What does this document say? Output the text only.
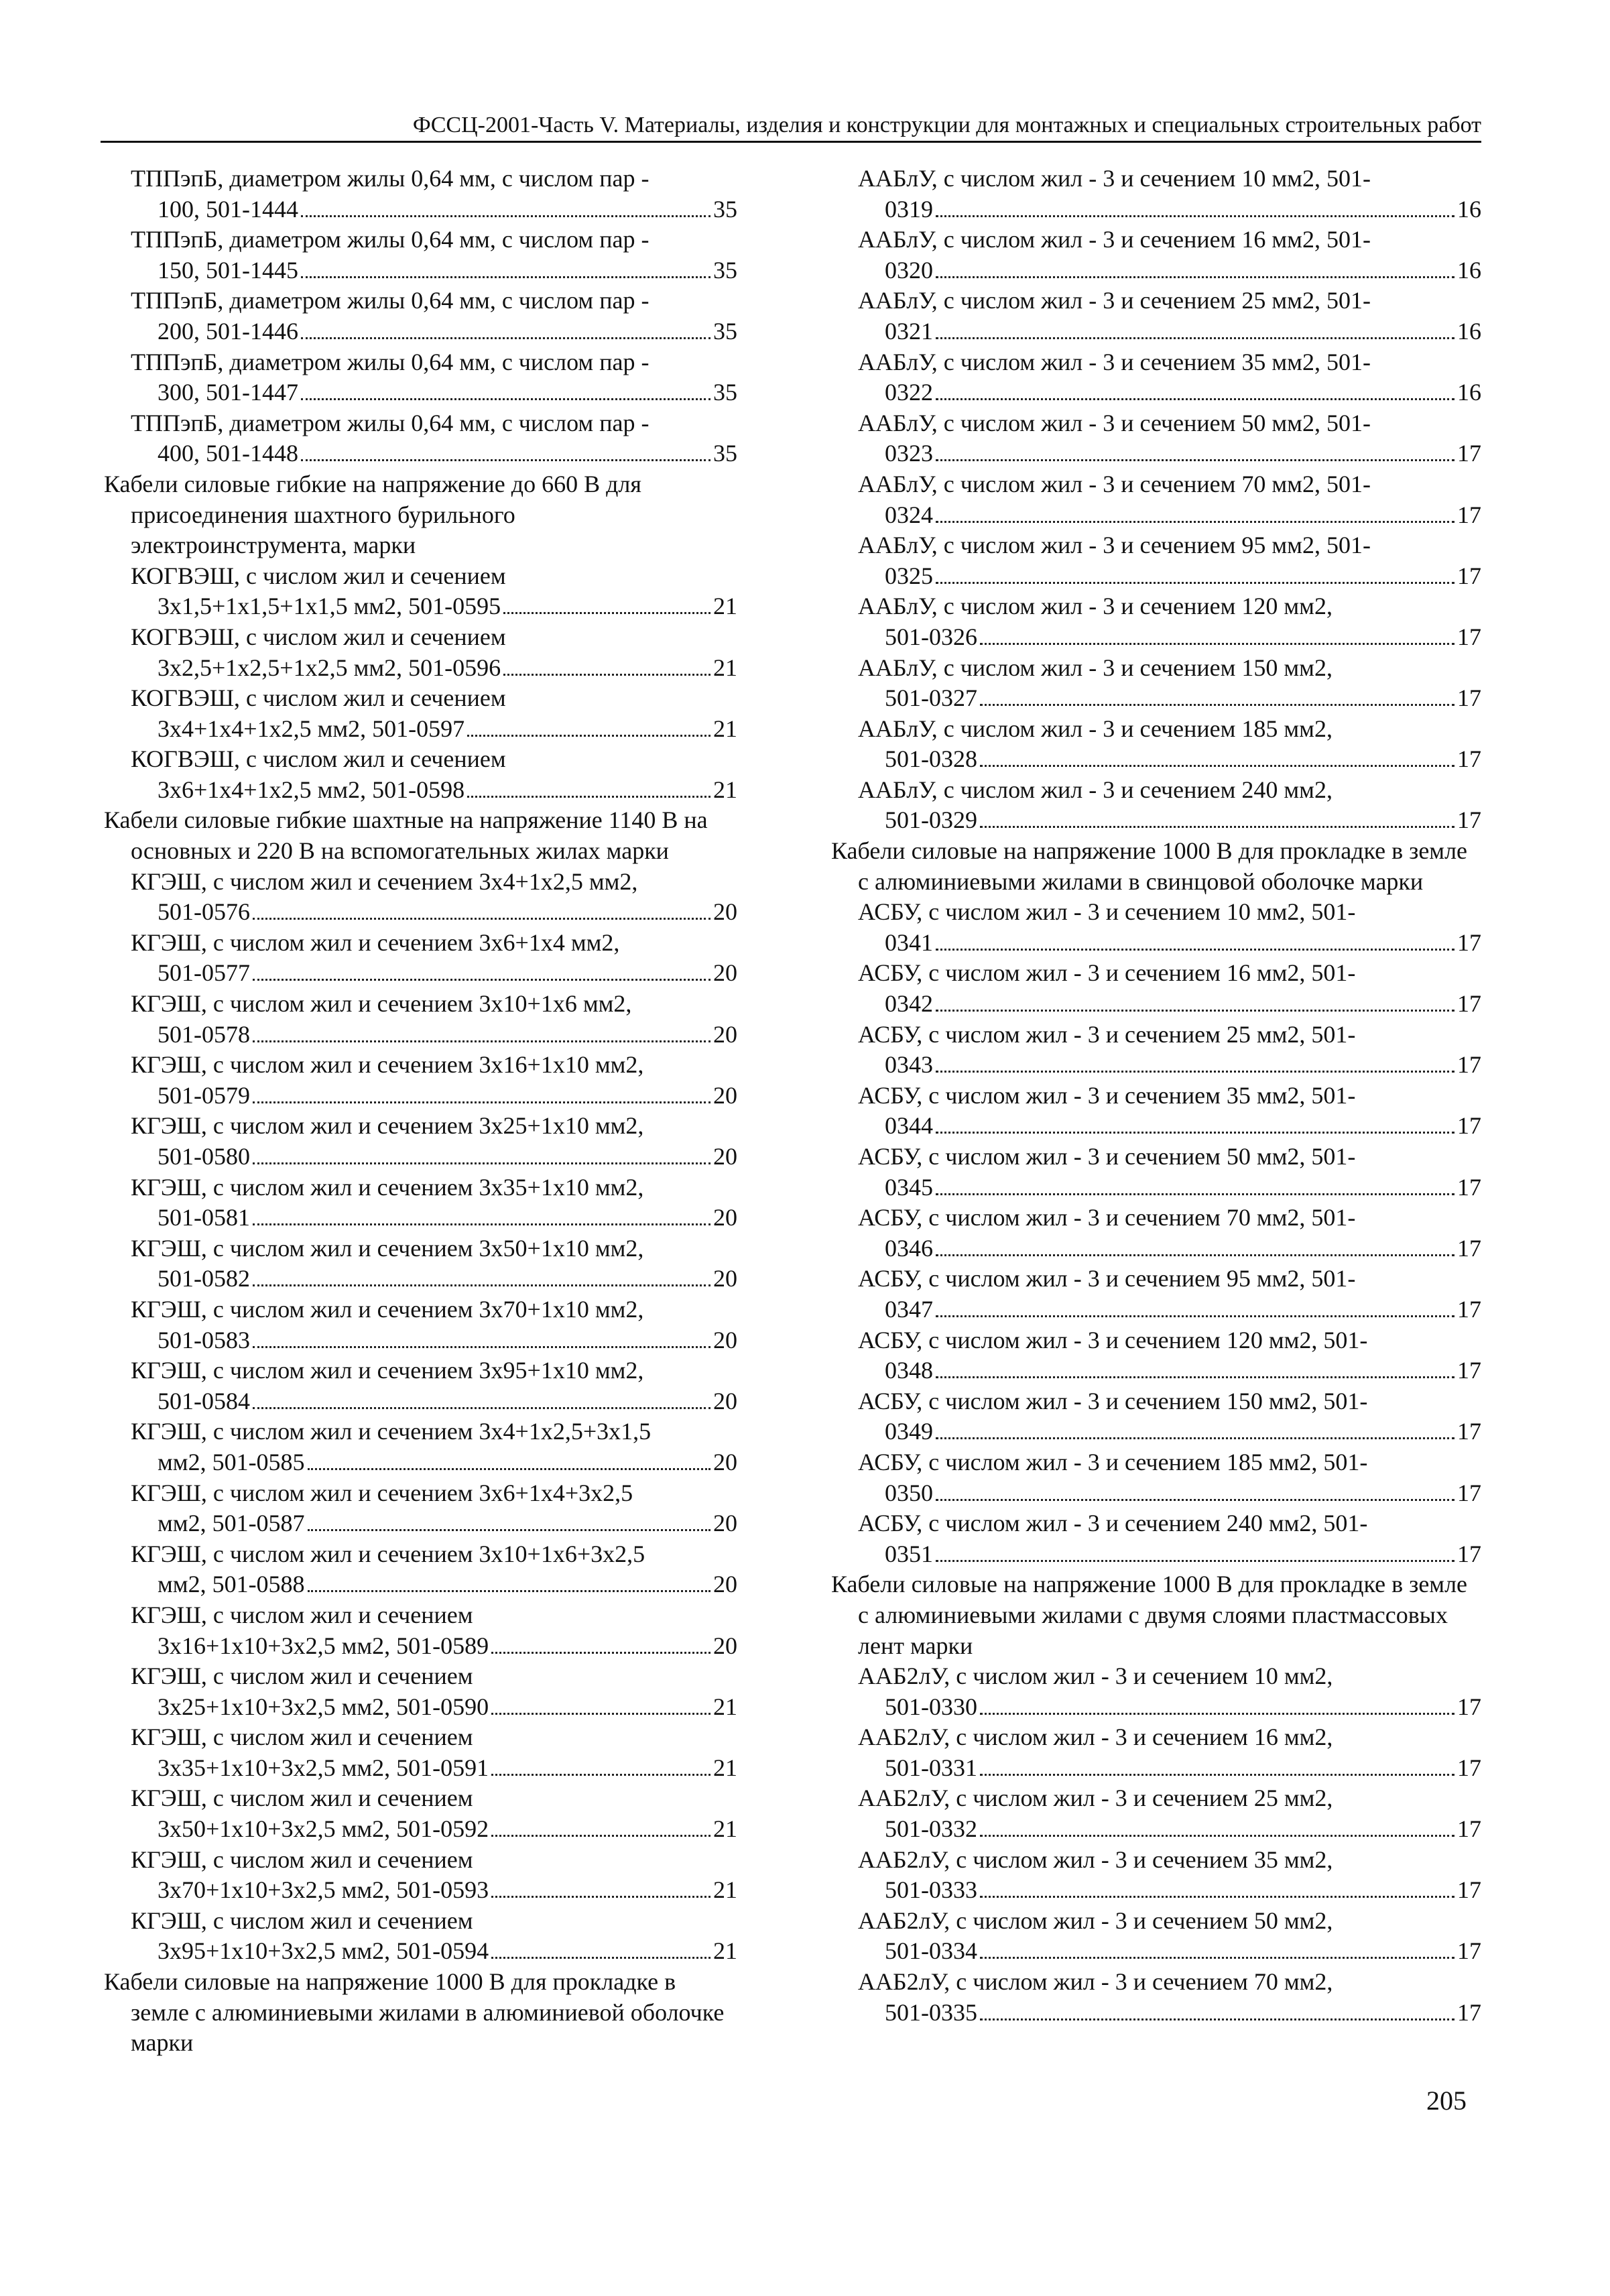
ФССЦ-2001-Часть V. Материалы, изделия и конструкции для монтажных и специальных строительных работ
ТППэпБ, диаметром жилы 0,64 мм, с числом пар -
100, 501-1444	35
ТППэпБ, диаметром жилы 0,64 мм, с числом пар -
150, 501-1445	35
ТППэпБ, диаметром жилы 0,64 мм, с числом пар -
200, 501-1446	35
ТППэпБ, диаметром жилы 0,64 мм, с числом пар -
300, 501-1447	35
ТППэпБ, диаметром жилы 0,64 мм, с числом пар -
400, 501-1448	35
Кабели силовые гибкие на напряжение до 660 В для присоединения шахтного бурильного электроинструмента, марки
КОГВЭШ, с числом жил и сечением
3х1,5+1х1,5+1х1,5 мм2, 501-0595	21
КОГВЭШ, с числом жил и сечением
3х2,5+1х2,5+1х2,5 мм2, 501-0596	21
КОГВЭШ, с числом жил и сечением
3х4+1х4+1х2,5 мм2, 501-0597	21
КОГВЭШ, с числом жил и сечением
3х6+1х4+1х2,5 мм2, 501-0598	21
Кабели силовые гибкие шахтные на напряжение 1140 В на основных и 220 В на вспомогательных жилах марки
КГЭШ, с числом жил и сечением 3х4+1х2,5 мм2,
501-0576	20
КГЭШ, с числом жил и сечением 3х6+1х4 мм2,
501-0577	20
КГЭШ, с числом жил и сечением 3х10+1х6 мм2,
501-0578	20
КГЭШ, с числом жил и сечением 3х16+1х10 мм2,
501-0579	20
КГЭШ, с числом жил и сечением 3х25+1х10 мм2,
501-0580	20
КГЭШ, с числом жил и сечением 3х35+1х10 мм2,
501-0581	20
КГЭШ, с числом жил и сечением 3х50+1х10 мм2,
501-0582	20
КГЭШ, с числом жил и сечением 3х70+1х10 мм2,
501-0583	20
КГЭШ, с числом жил и сечением 3х95+1х10 мм2,
501-0584	20
КГЭШ, с числом жил и сечением 3х4+1х2,5+3х1,5
мм2, 501-0585	20
КГЭШ, с числом жил и сечением 3х6+1х4+3х2,5
мм2, 501-0587	20
КГЭШ, с числом жил и сечением 3х10+1х6+3х2,5
мм2, 501-0588	20
КГЭШ, с числом жил и сечением
3х16+1х10+3х2,5 мм2, 501-0589	20
КГЭШ, с числом жил и сечением
3х25+1х10+3х2,5 мм2, 501-0590	21
КГЭШ, с числом жил и сечением
3х35+1х10+3х2,5 мм2, 501-0591	21
КГЭШ, с числом жил и сечением
3х50+1х10+3х2,5 мм2, 501-0592	21
КГЭШ, с числом жил и сечением
3х70+1х10+3х2,5 мм2, 501-0593	21
КГЭШ, с числом жил и сечением
3х95+1х10+3х2,5 мм2, 501-0594	21
Кабели силовые на напряжение 1000 В для прокладке в земле с алюминиевыми жилами в алюминиевой оболочке марки
ААБлУ, с числом жил - 3 и сечением 10 мм2, 501-
0319	16
ААБлУ, с числом жил - 3 и сечением 16 мм2, 501-
0320	16
ААБлУ, с числом жил - 3 и сечением 25 мм2, 501-
0321	16
ААБлУ, с числом жил - 3 и сечением 35 мм2, 501-
0322	16
ААБлУ, с числом жил - 3 и сечением 50 мм2, 501-
0323	17
ААБлУ, с числом жил - 3 и сечением 70 мм2, 501-
0324	17
ААБлУ, с числом жил - 3 и сечением 95 мм2, 501-
0325	17
ААБлУ, с числом жил - 3 и сечением 120 мм2,
501-0326	17
ААБлУ, с числом жил - 3 и сечением 150 мм2,
501-0327	17
ААБлУ, с числом жил - 3 и сечением 185 мм2,
501-0328	17
ААБлУ, с числом жил - 3 и сечением 240 мм2,
501-0329	17
Кабели силовые на напряжение 1000 В для прокладке в земле с алюминиевыми жилами в свинцовой оболочке марки
АСБУ, с числом жил - 3 и сечением 10 мм2, 501-
0341	17
АСБУ, с числом жил - 3 и сечением 16 мм2, 501-
0342	17
АСБУ, с числом жил - 3 и сечением 25 мм2, 501-
0343	17
АСБУ, с числом жил - 3 и сечением 35 мм2, 501-
0344	17
АСБУ, с числом жил - 3 и сечением 50 мм2, 501-
0345	17
АСБУ, с числом жил - 3 и сечением 70 мм2, 501-
0346	17
АСБУ, с числом жил - 3 и сечением 95 мм2, 501-
0347	17
АСБУ, с числом жил - 3 и сечением 120 мм2, 501-
0348	17
АСБУ, с числом жил - 3 и сечением 150 мм2, 501-
0349	17
АСБУ, с числом жил - 3 и сечением 185 мм2, 501-
0350	17
АСБУ, с числом жил - 3 и сечением 240 мм2, 501-
0351	17
Кабели силовые на напряжение 1000 В для прокладке в земле с алюминиевыми жилами с двумя слоями пластмассовых лент марки
ААБ2лУ, с числом жил - 3 и сечением 10 мм2,
501-0330	17
ААБ2лУ, с числом жил - 3 и сечением 16 мм2,
501-0331	17
ААБ2лУ, с числом жил - 3 и сечением 25 мм2,
501-0332	17
ААБ2лУ, с числом жил - 3 и сечением 35 мм2,
501-0333	17
ААБ2лУ, с числом жил - 3 и сечением 50 мм2,
501-0334	17
ААБ2лУ, с числом жил - 3 и сечением 70 мм2,
501-0335	17
205
